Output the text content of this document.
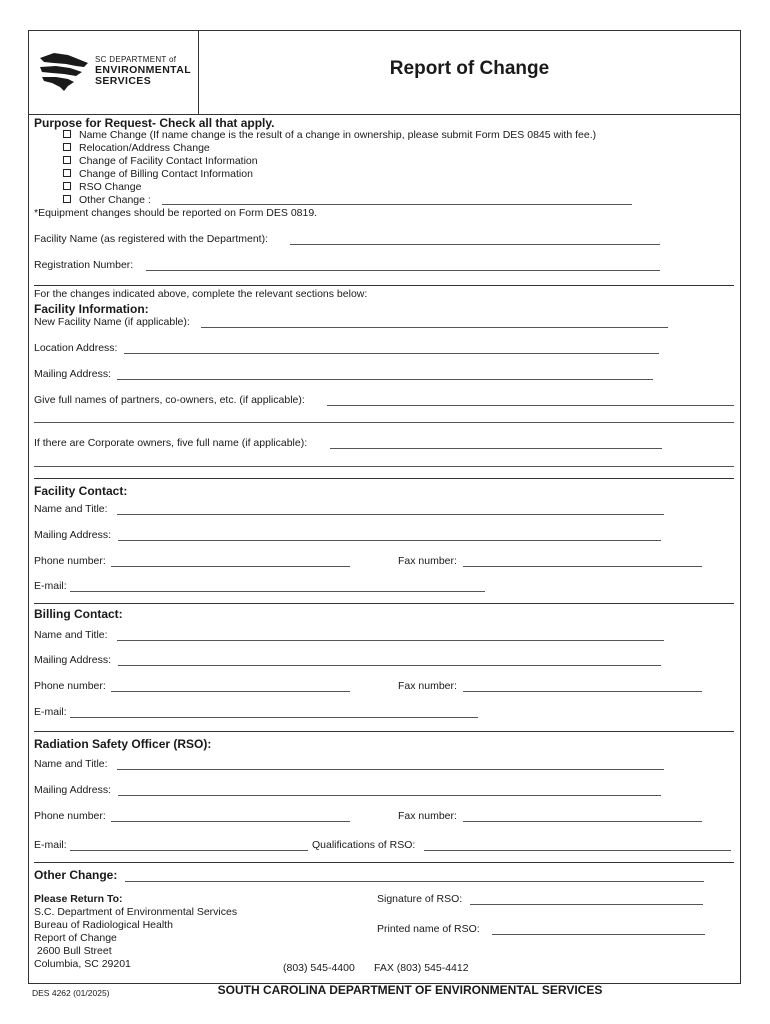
SC DEPARTMENT of
ENVIRONMENTAL
SERVICES
Report of Change
Purpose for Request- Check all that apply.
Name Change (If name change is the result of a change in ownership, please submit Form DES 0845 with fee.)
Relocation/Address Change
Change of Facility Contact Information
Change of Billing Contact Information
RSO Change
Other Change :
*Equipment changes should be reported on Form DES 0819.
Facility Name (as registered with the Department):
Registration Number:
For the changes indicated above, complete the relevant sections below:
Facility Information:
New Facility Name (if applicable):
Location Address:
Mailing Address:
Give full names of partners, co-owners, etc. (if applicable):
If there are Corporate owners, five full name (if applicable):
Facility Contact:
Name and Title:
Mailing Address:
Phone number:	Fax number:
E-mail:
Billing Contact:
Name and Title:
Mailing Address:
Phone number:	Fax number:
E-mail:
Radiation Safety Officer (RSO):
Name and Title:
Mailing Address:
Phone number:	Fax number:
E-mail:	Qualifications of RSO:
Other Change:
Please Return To:
S.C. Department of Environmental Services
Bureau of Radiological Health
Report of Change
2600 Bull Street
Columbia, SC 29201
Signature of RSO:
Printed name of RSO:
(803) 545-4400 FAX (803) 545-4412
DES 4262 (01/2025)	SOUTH CAROLINA DEPARTMENT OF ENVIRONMENTAL SERVICES
